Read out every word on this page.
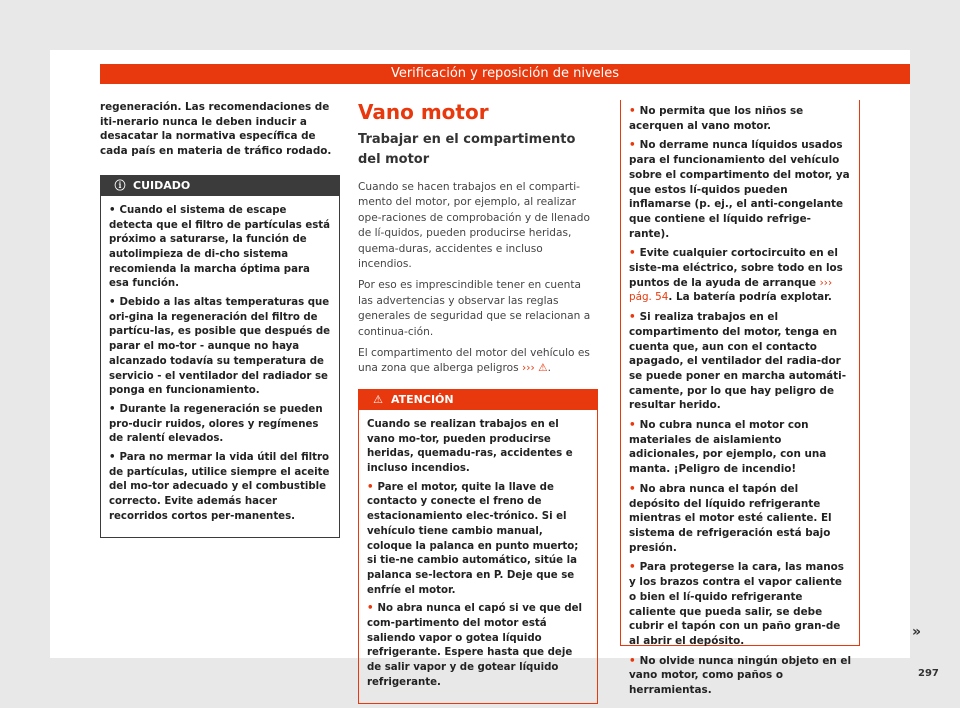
Verificación y reposición de niveles

regeneración. Las recomendaciones de iti-nerario nunca le deben inducir a desacatar la normativa específica de cada país en materia de tráfico rodado.

ⓘ CUIDADO

• Cuando el sistema de escape detecta que el filtro de partículas está próximo a saturarse, la función de autolimpieza de di-cho sistema recomienda la marcha óptima para esa función.

• Debido a las altas temperaturas que ori-gina la regeneración del filtro de partícu-las, es posible que después de parar el mo-tor - aunque no haya alcanzado todavía su temperatura de servicio - el ventilador del radiador se ponga en funcionamiento.

• Durante la regeneración se pueden pro-ducir ruidos, olores y regímenes de ralentí elevados.

• Para no mermar la vida útil del filtro de partículas, utilice siempre el aceite del mo-tor adecuado y el combustible correcto. Evite además hacer recorridos cortos per-manentes.

Vano motor
Trabajar en el compartimento del motor

Cuando se hacen trabajos en el comparti-mento del motor, por ejemplo, al realizar ope-raciones de comprobación y de llenado de lí-quidos, pueden producirse heridas, quema-duras, accidentes e incluso incendios.

Por eso es imprescindible tener en cuenta las advertencias y observar las reglas generales de seguridad que se relacionan a continua-ción.

El compartimento del motor del vehículo es una zona que alberga peligros ››› ⚠.

⚠ ATENCIÓN

Cuando se realizan trabajos en el vano mo-tor, pueden producirse heridas, quemadu-ras, accidentes e incluso incendios.

• Pare el motor, quite la llave de contacto y conecte el freno de estacionamiento elec-trónico. Si el vehículo tiene cambio manual, coloque la palanca en punto muerto; si tie-ne cambio automático, sitúe la palanca se-lectora en P. Deje que se enfríe el motor.

• No abra nunca el capó si ve que del com-partimento del motor está saliendo vapor o gotea líquido refrigerante. Espere hasta que deje de salir vapor y de gotear líquido refrigerante.

• No permita que los niños se acerquen al vano motor.

• No derrame nunca líquidos usados para el funcionamiento del vehículo sobre el compartimento del motor, ya que estos lí-quidos pueden inflamarse (p. ej., el anti-congelante que contiene el líquido refrige-rante).

• Evite cualquier cortocircuito en el siste-ma eléctrico, sobre todo en los puntos de la ayuda de arranque ››› pág. 54. La batería podría explotar.

• Si realiza trabajos en el compartimento del motor, tenga en cuenta que, aun con el contacto apagado, el ventilador del radia-dor se puede poner en marcha automáti-camente, por lo que hay peligro de resultar herido.

• No cubra nunca el motor con materiales de aislamiento adicionales, por ejemplo, con una manta. ¡Peligro de incendio!

• No abra nunca el tapón del depósito del líquido refrigerante mientras el motor esté caliente. El sistema de refrigeración está bajo presión.

• Para protegerse la cara, las manos y los brazos contra el vapor caliente o bien el lí-quido refrigerante caliente que pueda salir, se debe cubrir el tapón con un paño gran-de al abrir el depósito.

• No olvide nunca ningún objeto en el vano motor, como paños o herramientas.

»
297
